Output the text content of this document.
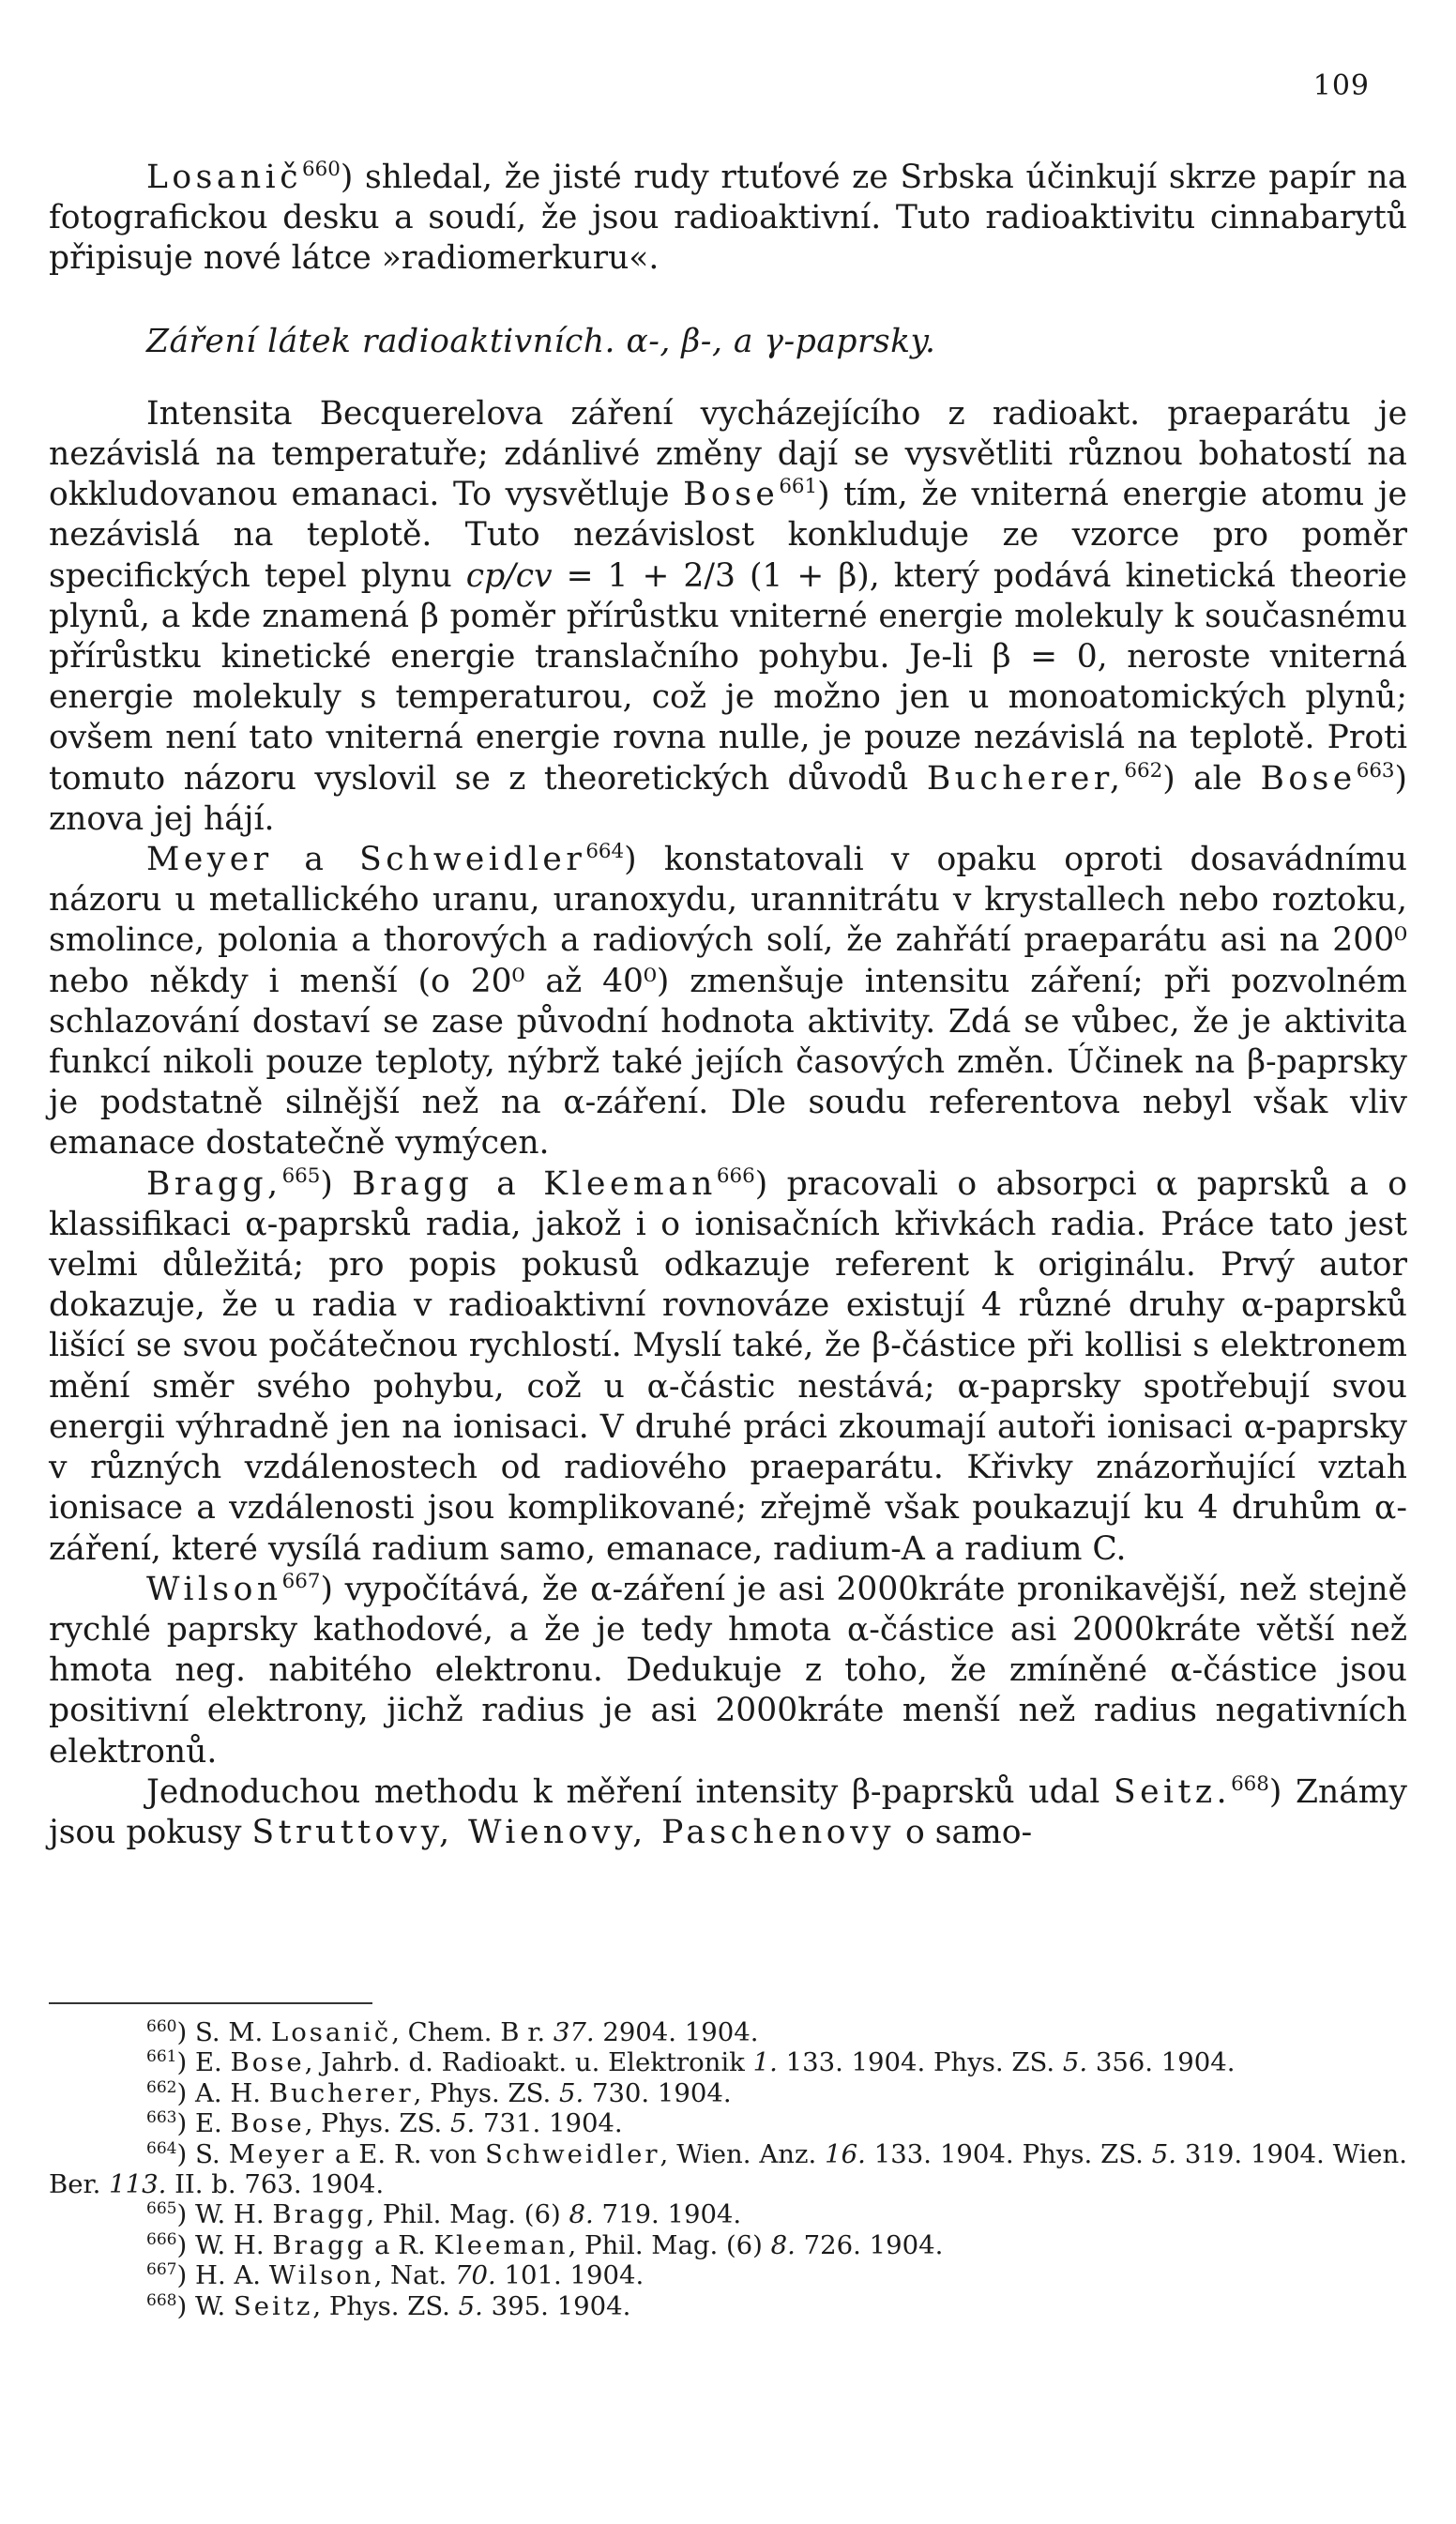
109

Losanič$^{660}$) shledal, že jisté rudy rtuťové ze Srbska účinkují skrze papír na fotografickou desku a soudí, že jsou radioaktivní. Tuto radioaktivitu cinnabarytů připisuje nové látce »radiomerkuru«.

Záření látek radioaktivních. α-, β-, a γ-paprsky.

Intensita Becquerelova záření vycházejícího z radioakt. praeparátu je nezávislá na temperatuře; zdánlivé změny dají se vysvětliti různou bohatostí na okkludovanou emanaci. To vysvětluje Bose$^{661}$) tím, že vniterná energie atomu je nezávislá na teplotě. Tuto nezávislost konkluduje ze vzorce pro poměr specifických tepel plynu cp/cv = 1 + 2/3 (1 + β), který podává kinetická theorie plynů, a kde znamená β poměr přírůstku vniterné energie molekuly k současnému přírůstku kinetické energie translačního pohybu. Je-li β = 0, neroste vniterná energie molekuly s temperaturou, což je možno jen u monoatomických plynů; ovšem není tato vniterná energie rovna nulle, je pouze nezávislá na teplotě. Proti tomuto názoru vyslovil se z theoretických důvodů Bucherer,$^{662}$) ale Bose$^{663}$) znova jej hájí.

Meyer a Schweidler$^{664}$) konstatovali v opaku oproti dosavádnímu názoru u metallického uranu, uranoxydu, urannitrátu v krystallech nebo roztoku, smolince, polonia a thorových a radiových solí, že zahřátí praeparátu asi na 200⁰ nebo někdy i menší (o 20⁰ až 40⁰) zmenšuje intensitu záření; při pozvolném schlazování dostaví se zase původní hodnota aktivity. Zdá se vůbec, že je aktivita funkcí nikoli pouze teploty, nýbrž také jejích časových změn. Účinek na β-paprsky je podstatně silnější než na α-záření. Dle soudu referentova nebyl však vliv emanace dostatečně vymýcen.

Bragg,$^{665}$) Bragg a Kleeman$^{666}$) pracovali o absorpci α paprsků a o klassifikaci α-paprsků radia, jakož i o ionisačních křivkách radia. Práce tato jest velmi důležitá; pro popis pokusů odkazuje referent k originálu. Prvý autor dokazuje, že u radia v radioaktivní rovnováze existují 4 různé druhy α-paprsků lišící se svou počátečnou rychlostí. Myslí také, že β-částice při kollisi s elektronem mění směr svého pohybu, což u α-částic nestává; α-paprsky spotřebují svou energii výhradně jen na ionisaci. V druhé práci zkoumají autoři ionisaci α-paprsky v různých vzdálenostech od radiového praeparátu. Křivky znázorňující vztah ionisace a vzdálenosti jsou komplikované; zřejmě však poukazují ku 4 druhům α-záření, které vysílá radium samo, emanace, radium-A a radium C.

Wilson$^{667}$) vypočítává, že α-záření je asi 2000kráte pronikavější, než stejně rychlé paprsky kathodové, a že je tedy hmota α-částice asi 2000kráte větší než hmota neg. nabitého elektronu. Dedukuje z toho, že zmíněné α-částice jsou positivní elektrony, jichž radius je asi 2000kráte menší než radius negativních elektronů.

Jednoduchou methodu k měření intensity β-paprsků udal Seitz.$^{668}$) Známy jsou pokusy Struttovy, Wienovy, Paschenovy o samo-

$^{660}$) S. M. Losanič, Chem. B r. 37. 2904. 1904.

$^{661}$) E. Bose, Jahrb. d. Radioakt. u. Elektronik 1. 133. 1904. Phys. ZS. 5. 356. 1904.

$^{662}$) A. H. Bucherer, Phys. ZS. 5. 730. 1904.

$^{663}$) E. Bose, Phys. ZS. 5. 731. 1904.

$^{664}$) S. Meyer a E. R. von Schweidler, Wien. Anz. 16. 133. 1904. Phys. ZS. 5. 319. 1904. Wien. Ber. 113. II. b. 763. 1904.

$^{665}$) W. H. Bragg, Phil. Mag. (6) 8. 719. 1904.

$^{666}$) W. H. Bragg a R. Kleeman, Phil. Mag. (6) 8. 726. 1904.

$^{667}$) H. A. Wilson, Nat. 70. 101. 1904.

$^{668}$) W. Seitz, Phys. ZS. 5. 395. 1904.
